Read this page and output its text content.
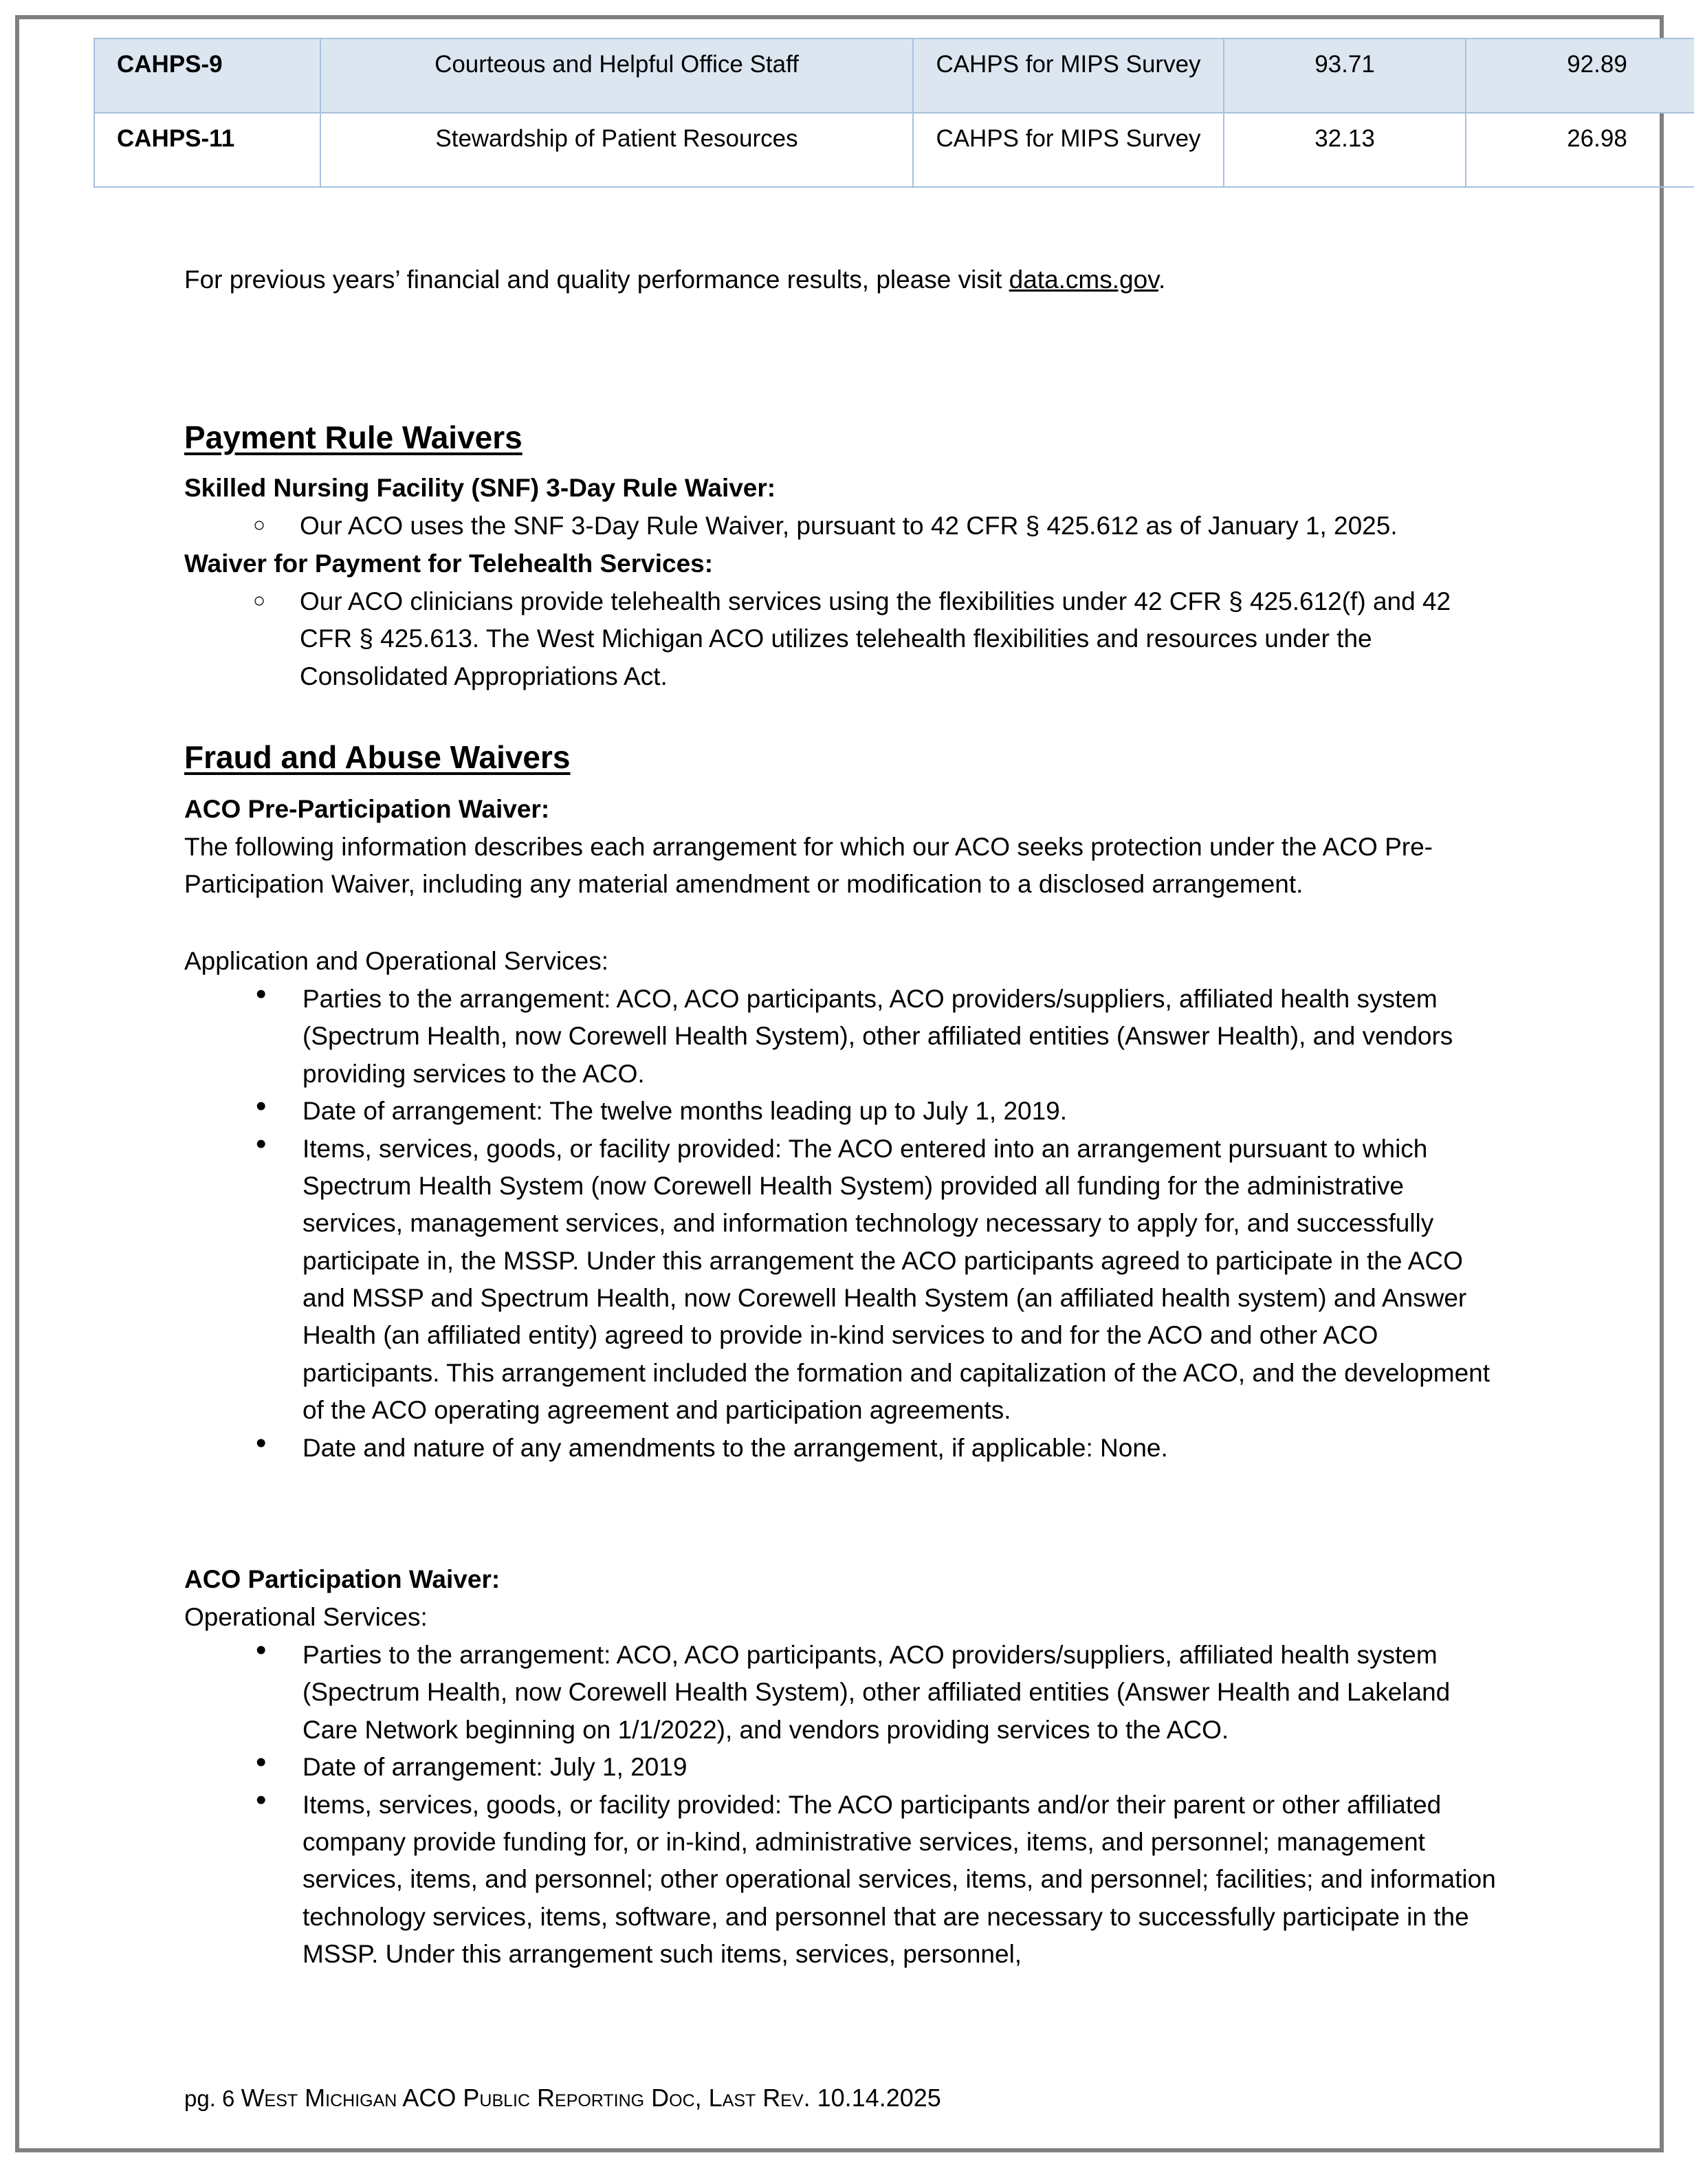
CAHPS-9	Courteous and Helpful Office Staff	CAHPS for MIPS Survey	93.71	92.89
CAHPS-11	Stewardship of Patient Resources	CAHPS for MIPS Survey	32.13	26.98
For previous years’ financial and quality performance results, please visit data.cms.gov.
Payment Rule Waivers
Skilled Nursing Facility (SNF) 3-Day Rule Waiver:
○	Our ACO uses the SNF 3-Day Rule Waiver, pursuant to 42 CFR § 425.612 as of January 1, 2025.
Waiver for Payment for Telehealth Services:
○	Our ACO clinicians provide telehealth services using the flexibilities under 42 CFR § 425.612(f) and 42 CFR § 425.613. The West Michigan ACO utilizes telehealth flexibilities and resources under the Consolidated Appropriations Act.
Fraud and Abuse Waivers
ACO Pre-Participation Waiver:
The following information describes each arrangement for which our ACO seeks protection under the ACO Pre-Participation Waiver, including any material amendment or modification to a disclosed arrangement.
Application and Operational Services:
•	Parties to the arrangement: ACO, ACO participants, ACO providers/suppliers, affiliated health system (Spectrum Health, now Corewell Health System), other affiliated entities (Answer Health), and vendors providing services to the ACO.
•	Date of arrangement: The twelve months leading up to July 1, 2019.
•	Items, services, goods, or facility provided: The ACO entered into an arrangement pursuant to which Spectrum Health System (now Corewell Health System) provided all funding for the administrative services, management services, and information technology necessary to apply for, and successfully participate in, the MSSP. Under this arrangement the ACO participants agreed to participate in the ACO and MSSP and Spectrum Health, now Corewell Health System (an affiliated health system) and Answer Health (an affiliated entity) agreed to provide in-kind services to and for the ACO and other ACO participants. This arrangement included the formation and capitalization of the ACO, and the development of the ACO operating agreement and participation agreements.
•	Date and nature of any amendments to the arrangement, if applicable: None.
ACO Participation Waiver:
Operational Services:
•	Parties to the arrangement: ACO, ACO participants, ACO providers/suppliers, affiliated health system (Spectrum Health, now Corewell Health System), other affiliated entities (Answer Health and Lakeland Care Network beginning on 1/1/2022), and vendors providing services to the ACO.
•	Date of arrangement: July 1, 2019
•	Items, services, goods, or facility provided: The ACO participants and/or their parent or other affiliated company provide funding for, or in-kind, administrative services, items, and personnel; management services, items, and personnel; other operational services, items, and personnel; facilities; and information technology services, items, software, and personnel that are necessary to successfully participate in the MSSP. Under this arrangement such items, services, personnel,
pg. 6 West Michigan ACO Public Reporting Doc, Last Rev. 10.14.2025
